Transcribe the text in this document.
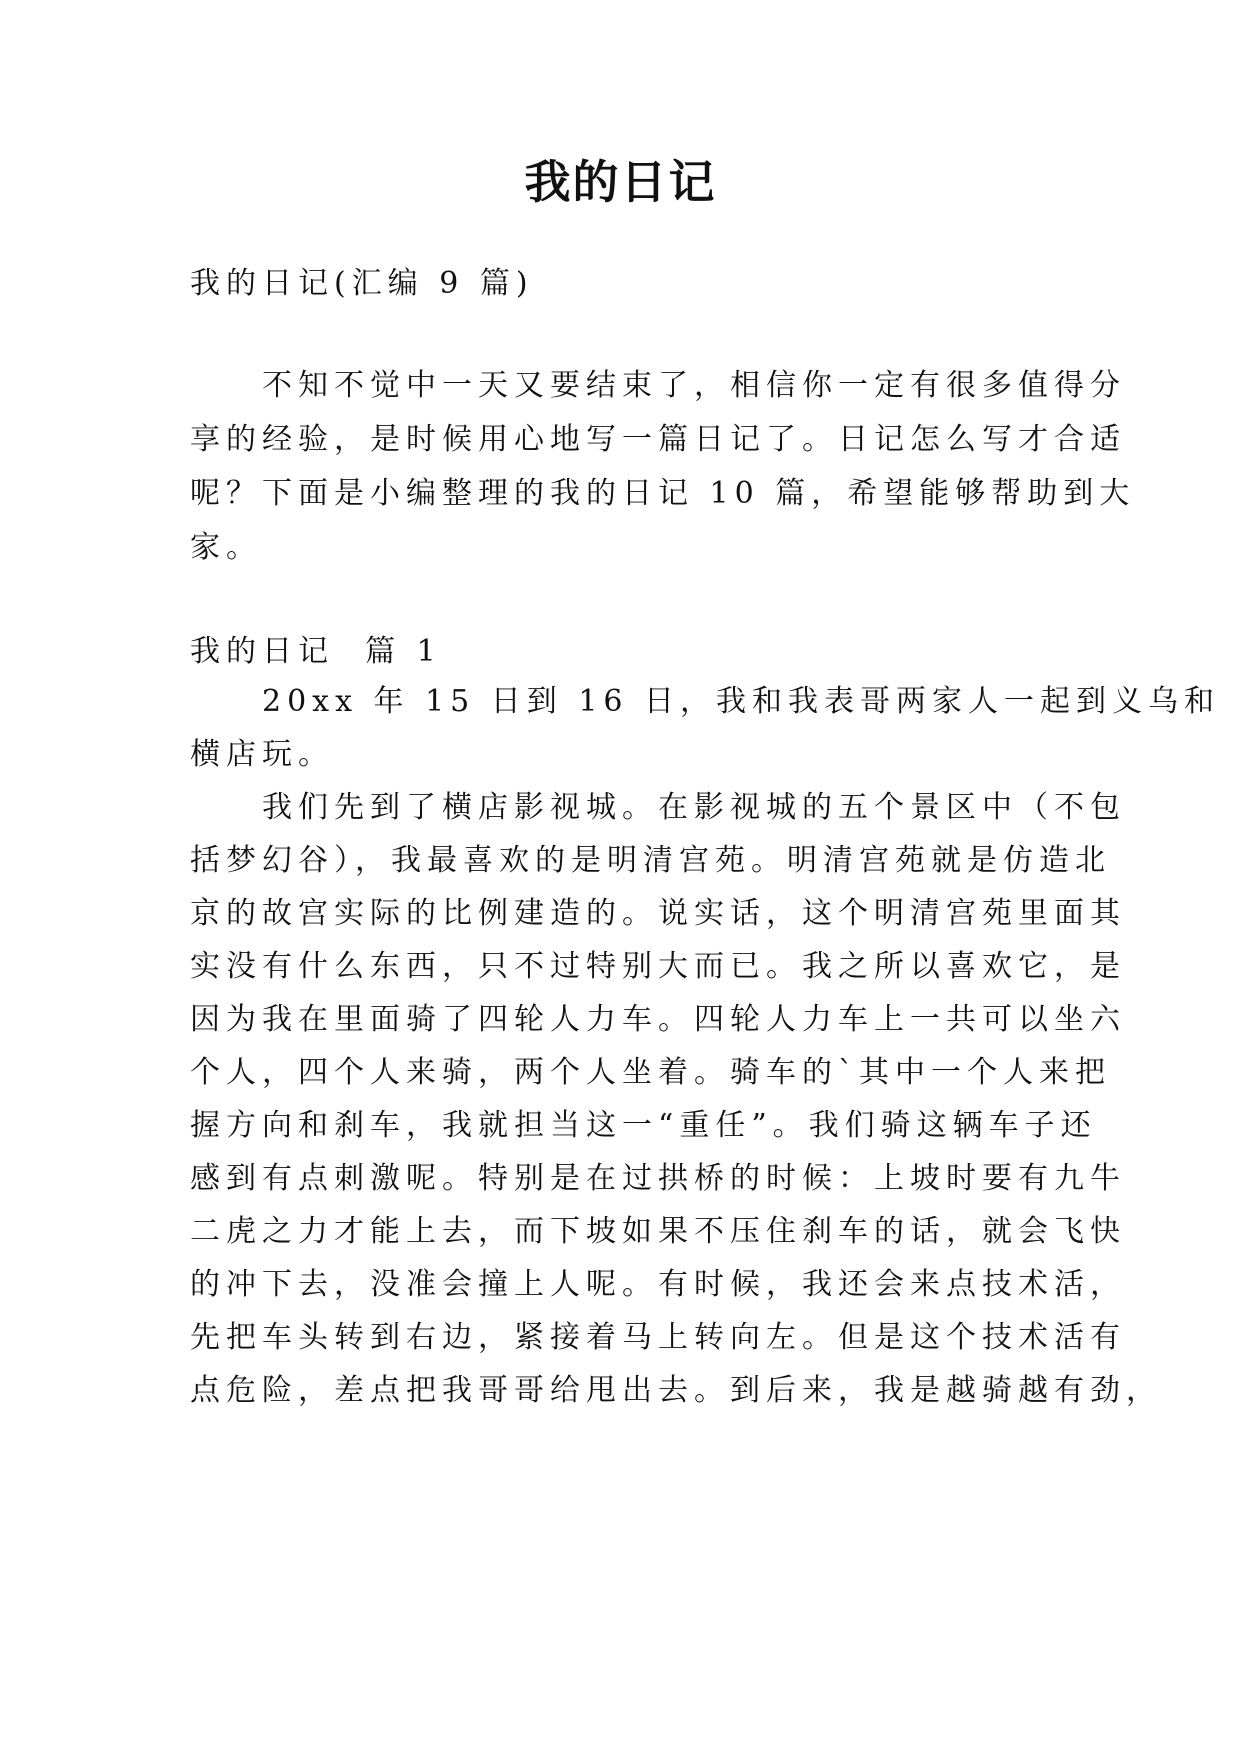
我的日记

我的日记(汇编 9 篇)

　　不知不觉中一天又要结束了，相信你一定有很多值得分

享的经验，是时候用心地写一篇日记了。日记怎么写才合适

呢？下面是小编整理的我的日记 10 篇，希望能够帮助到大

家。

我的日记  篇 1

　　20xx 年 15 日到 16 日，我和我表哥两家人一起到义乌和

横店玩。

　　我们先到了横店影视城。在影视城的五个景区中（不包

括梦幻谷），我最喜欢的是明清宫苑。明清宫苑就是仿造北

京的故宫实际的比例建造的。说实话，这个明清宫苑里面其

实没有什么东西，只不过特别大而已。我之所以喜欢它，是

因为我在里面骑了四轮人力车。四轮人力车上一共可以坐六

个人，四个人来骑，两个人坐着。骑车的`其中一个人来把

握方向和刹车，我就担当这一“重任”。我们骑这辆车子还

感到有点刺激呢。特别是在过拱桥的时候：上坡时要有九牛

二虎之力才能上去，而下坡如果不压住刹车的话，就会飞快

的冲下去，没准会撞上人呢。有时候，我还会来点技术活，

先把车头转到右边，紧接着马上转向左。但是这个技术活有

点危险，差点把我哥哥给甩出去。到后来，我是越骑越有劲，
